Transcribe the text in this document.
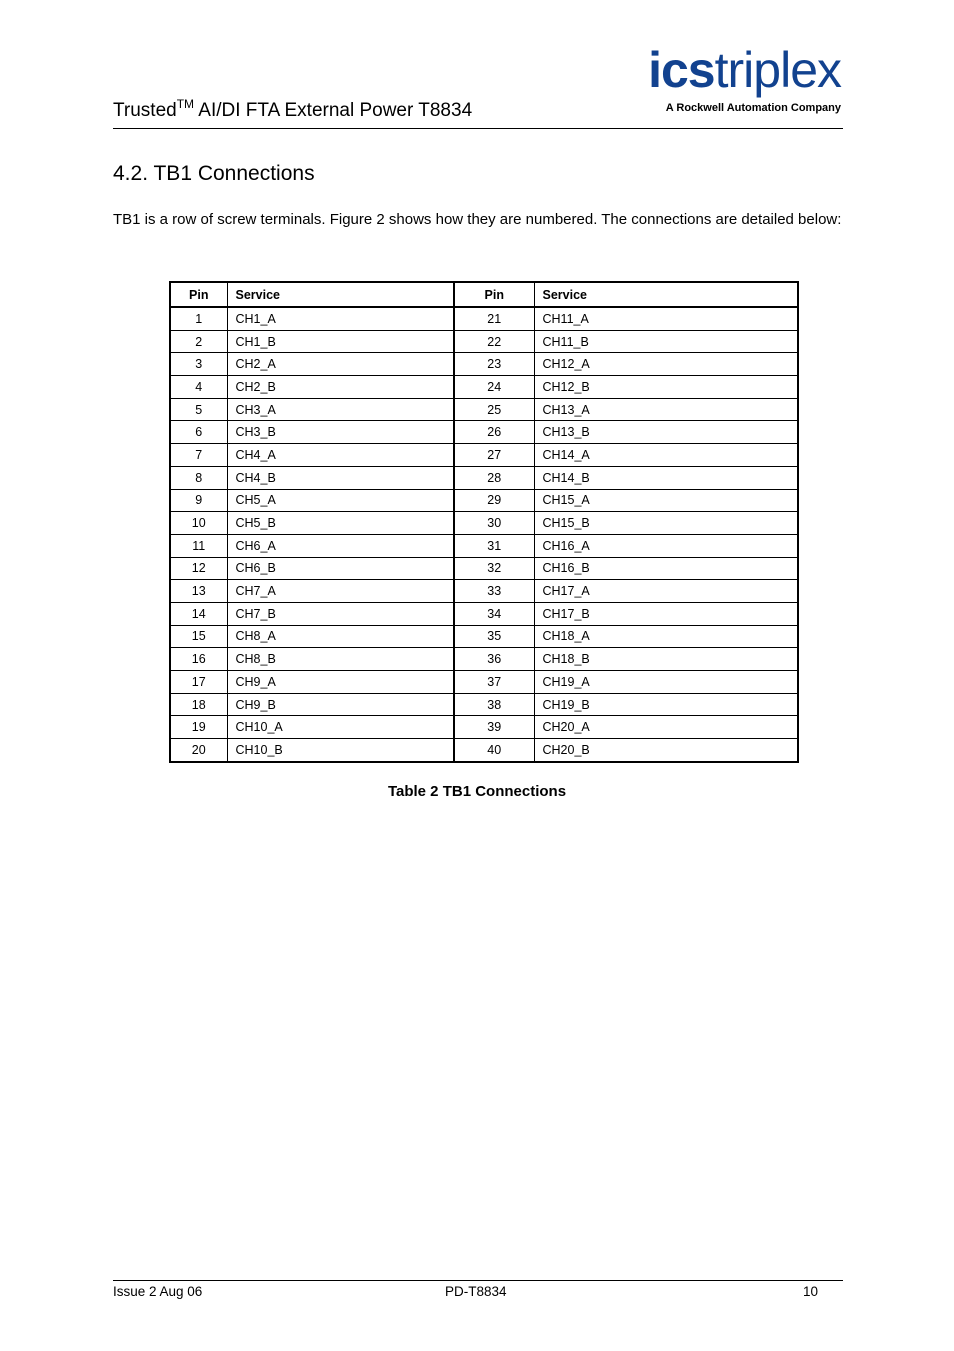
Trusted™ AI/DI FTA External Power T8834
icstriplex
A Rockwell Automation Company
4.2. TB1 Connections

TB1 is a row of screw terminals. Figure 2 shows how they are numbered. The connections are detailed below:

Pin	Service	Pin	Service
1	CH1_A	21	CH11_A
2	CH1_B	22	CH11_B
3	CH2_A	23	CH12_A
4	CH2_B	24	CH12_B
5	CH3_A	25	CH13_A
6	CH3_B	26	CH13_B
7	CH4_A	27	CH14_A
8	CH4_B	28	CH14_B
9	CH5_A	29	CH15_A
10	CH5_B	30	CH15_B
11	CH6_A	31	CH16_A
12	CH6_B	32	CH16_B
13	CH7_A	33	CH17_A
14	CH7_B	34	CH17_B
15	CH8_A	35	CH18_A
16	CH8_B	36	CH18_B
17	CH9_A	37	CH19_A
18	CH9_B	38	CH19_B
19	CH10_A	39	CH20_A
20	CH10_B	40	CH20_B
Table 2 TB1 Connections
Issue 2 Aug 06	PD-T8834	10
